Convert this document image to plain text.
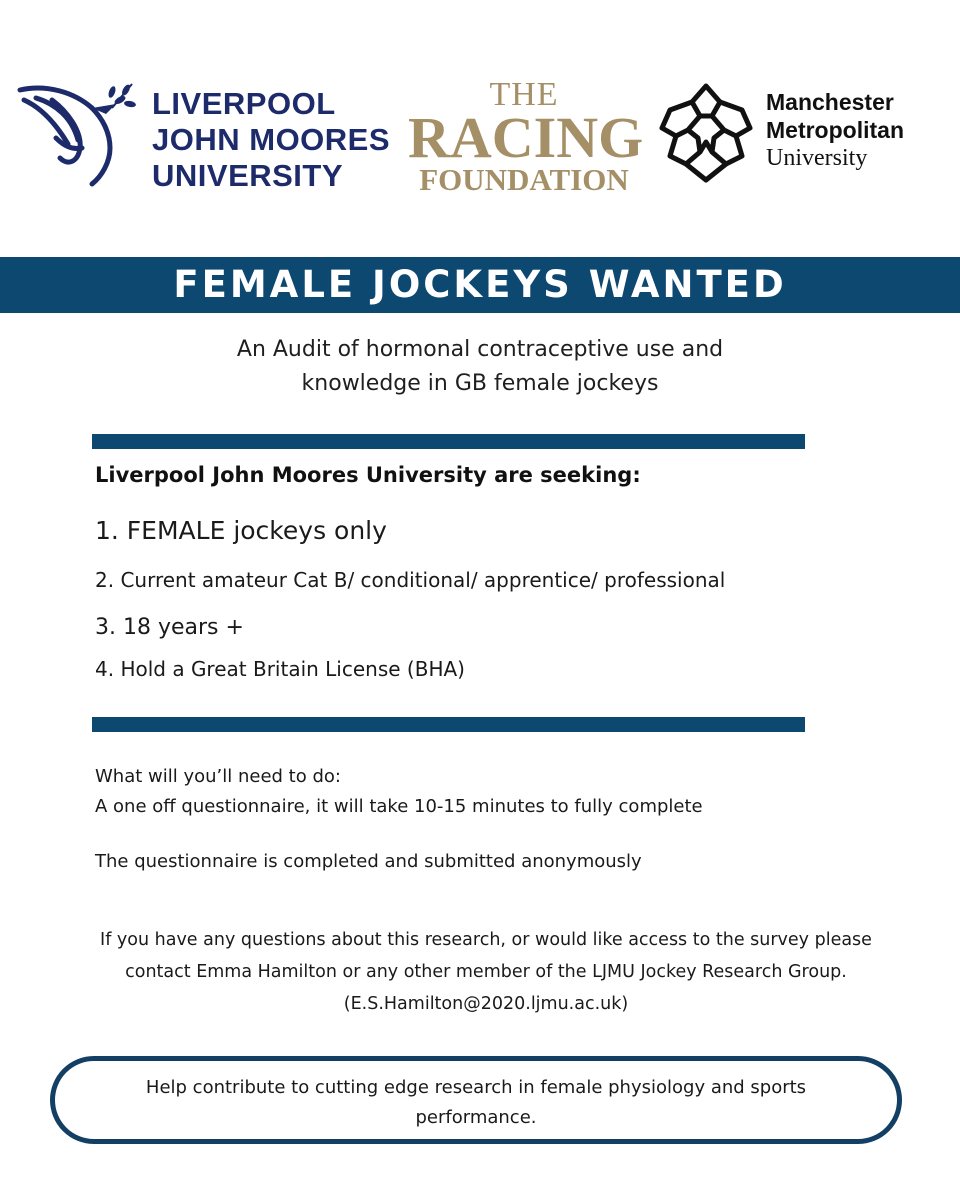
LIVERPOOL
JOHN MOORES
UNIVERSITY
THE
RACING
FOUNDATION
Manchester
Metropolitan
University
FEMALE JOCKEYS WANTED
An Audit of hormonal contraceptive use and
knowledge in GB female jockeys
Liverpool John Moores University are seeking:
1. FEMALE jockeys only
2. Current amateur Cat B/ conditional/ apprentice/ professional
3. 18 years +
4. Hold a Great Britain License (BHA)
What will you’ll need to do:
A one off questionnaire, it will take 10-15 minutes to fully complete
The questionnaire is completed and submitted anonymously
If you have any questions about this research, or would like access to the survey please
contact Emma Hamilton or any other member of the LJMU Jockey Research Group.
(E.S.Hamilton@2020.ljmu.ac.uk)
Help contribute to cutting edge research in female physiology and sports
performance.
